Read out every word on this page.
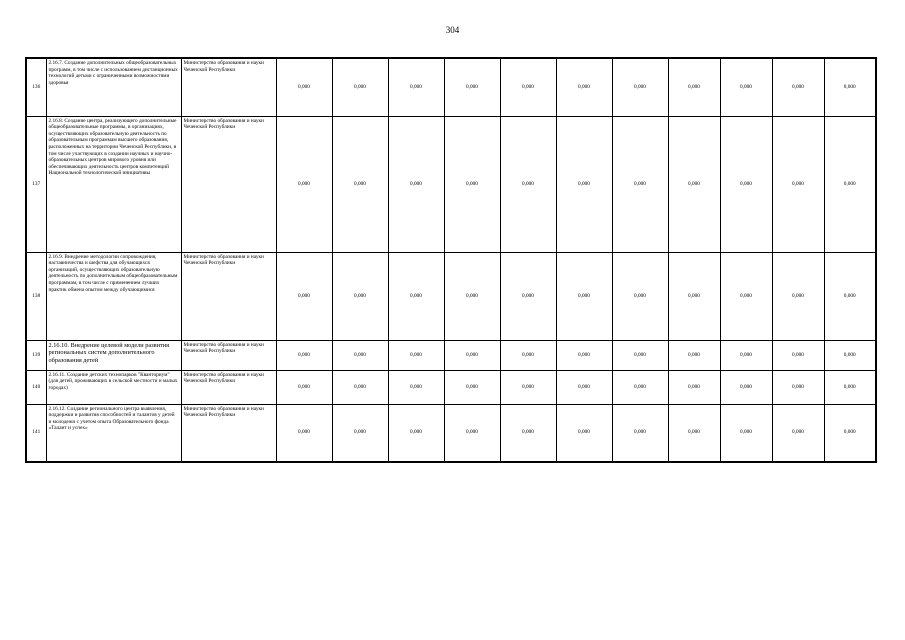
304
136	2.16.7. Создание дополнительных общеобразовательных программ, в том числе с использованием дистанционных технологий детьми с ограниченными возможностями здоровья	Министерство образования и науки Чеченской Республики	0,000	0,000	0,000	0,000	0,000	0,000	0,000	0,000	0,000	0,000	0,000
137	2.16.8. Создание центра, реализующего дополнительные общеобразовательные программы, в организациях, осуществляющих образовательную деятельность по образовательным программам высшего образования, расположенных на территории Чеченской Республики, в том числе участвующих в создании научных и научно-образовательных центров мирового уровня или обеспечивающих деятельность центров компетенций Национальной технологической инициативы	Министерство образования и науки Чеченской Республики	0,000	0,000	0,000	0,000	0,000	0,000	0,000	0,000	0,000	0,000	0,000
138	2.16.9. Внедрение методологии сопровождения, наставничества и шефства для обучающихся организаций, осуществляющих образовательную деятельность по дополнительным общеобразовательным программам, в том числе с применением лучших практик обмена опытом между обучающимися	Министерство образования и науки Чеченской Республики	0,000	0,000	0,000	0,000	0,000	0,000	0,000	0,000	0,000	0,000	0,000
139	2.16.10. Внедрение целевой модели развития региональных систем дополнительного образования детей	Министерство образования и науки Чеченской Республики	0,000	0,000	0,000	0,000	0,000	0,000	0,000	0,000	0,000	0,000	0,000
140	2.16.11. Создание детских технопарков "Кванториум" (для детей, проживающих в сельской местности и малых городах)	Министерство образования и науки Чеченской Республики	0,000	0,000	0,000	0,000	0,000	0,000	0,000	0,000	0,000	0,000	0,000
141	2.16.12. Создание регионального центра выявления, поддержки и развития способностей и талантов у детей и молодежи с учетом опыта Образовательного фонда «Талант и успех»	Министерство образования и науки Чеченской Республики	0,000	0,000	0,000	0,000	0,000	0,000	0,000	0,000	0,000	0,000	0,000
